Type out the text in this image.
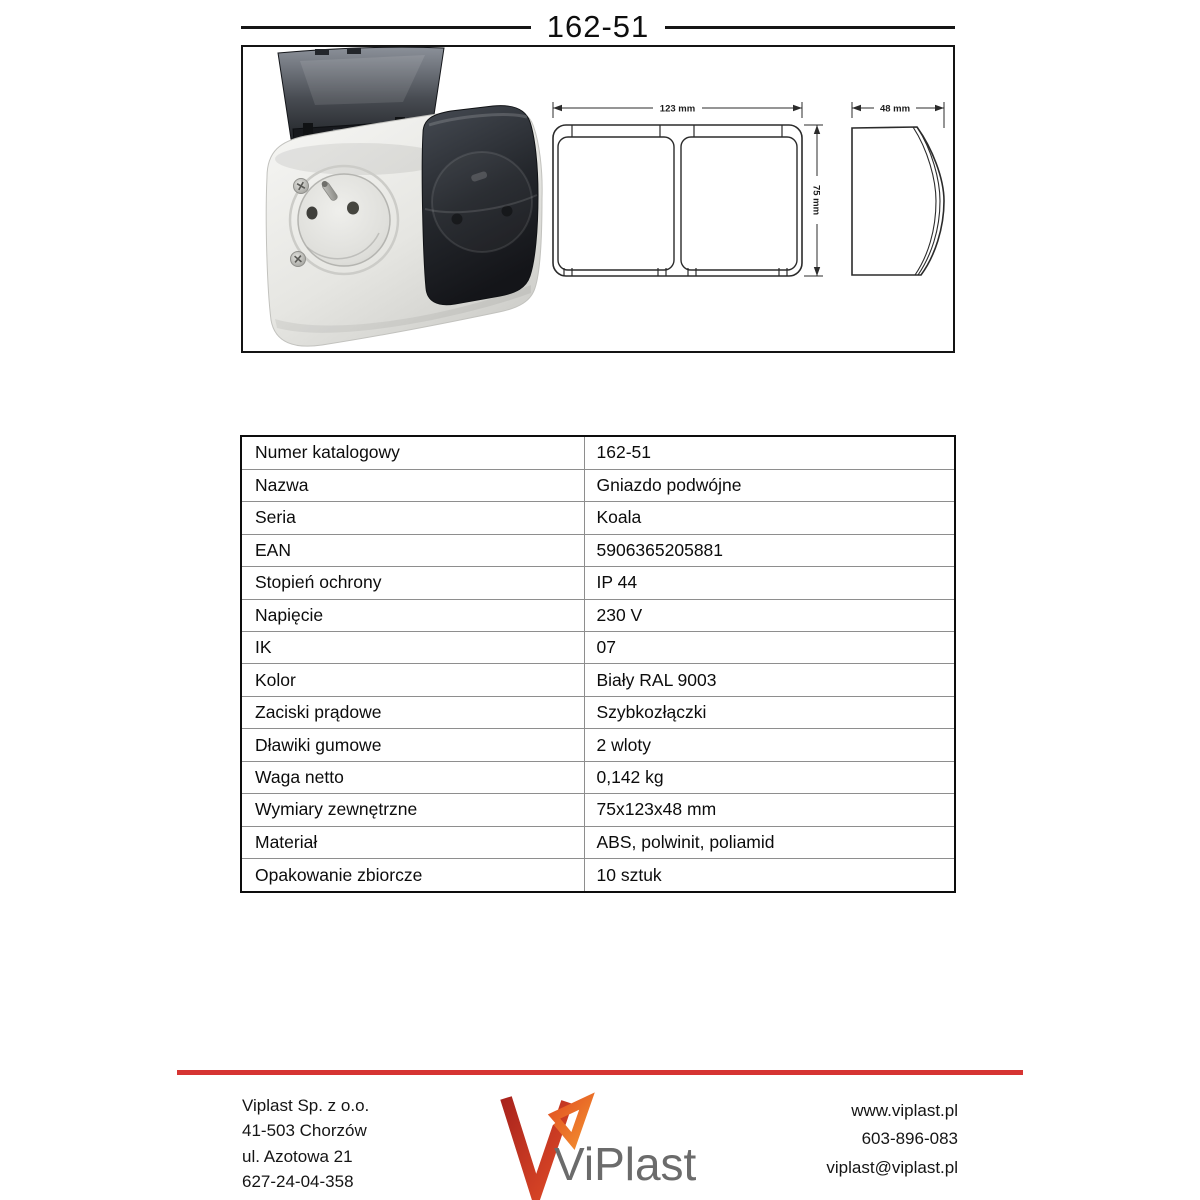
162-51
123 mm
75 mm
48 mm
Numer katalogowy	162-51
Nazwa	Gniazdo podwójne
Seria	Koala
EAN	5906365205881
Stopień ochrony	IP 44
Napięcie	230 V
IK	07
Kolor	Biały RAL 9003
Zaciski prądowe	Szybkozłączki
Dławiki gumowe	2 wloty
Waga netto	0,142 kg
Wymiary zewnętrzne	75x123x48 mm
Materiał	ABS, polwinit, poliamid
Opakowanie zbiorcze	10 sztuk
Viplast Sp. z o.o.
41-503 Chorzów
ul. Azotowa 21
627-24-04-358	ViPlast
www.viplast.pl
603-896-083
viplast@viplast.pl
